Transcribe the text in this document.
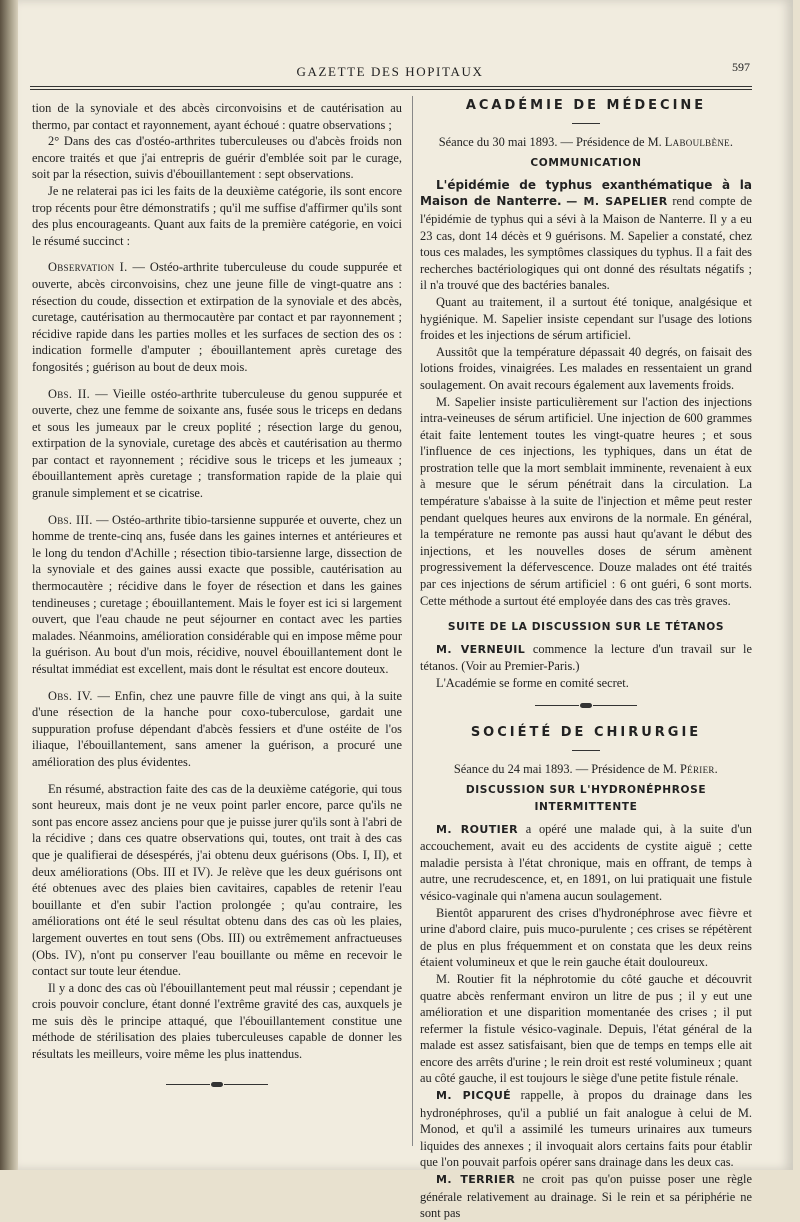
GAZETTE DES HOPITAUX	597

tion de la synoviale et des abcès circonvoisins et de cautérisation au thermo, par contact et rayonnement, ayant échoué : quatre observations ;

2° Dans des cas d'ostéo-arthrites tuberculeuses ou d'abcès froids non encore traités et que j'ai entrepris de guérir d'emblée soit par le curage, soit par la résection, suivis d'ébouillantement : sept observations.

Je ne relaterai pas ici les faits de la deuxième catégorie, ils sont encore trop récents pour être démonstratifs ; qu'il me suffise d'affirmer qu'ils sont des plus encourageants. Quant aux faits de la première catégorie, en voici le résumé succinct :

Observation I. — Ostéo-arthrite tuberculeuse du coude suppurée et ouverte, abcès circonvoisins, chez une jeune fille de vingt-quatre ans : résection du coude, dissection et extirpation de la synoviale et des abcès, curetage, cautérisation au thermocautère par contact et par rayonnement ; récidive rapide dans les parties molles et les surfaces de section des os : indication formelle d'amputer ; ébouillantement après curetage des fongosités ; guérison au bout de deux mois.

Obs. II. — Vieille ostéo-arthrite tuberculeuse du genou suppurée et ouverte, chez une femme de soixante ans, fusée sous le triceps en dedans et sous les jumeaux par le creux poplité ; résection large du genou, extirpation de la synoviale, curetage des abcès et cautérisation au thermo par contact et rayonnement ; récidive sous le triceps et les jumeaux ; ébouillantement après curetage ; transformation rapide de la plaie qui granule simplement et se cicatrise.

Obs. III. — Ostéo-arthrite tibio-tarsienne suppurée et ouverte, chez un homme de trente-cinq ans, fusée dans les gaines internes et antérieures et le long du tendon d'Achille ; résection tibio-tarsienne large, dissection de la synoviale et des gaines aussi exacte que possible, cautérisation au thermocautère ; récidive dans le foyer de résection et dans les gaines tendineuses ; curetage ; ébouillantement. Mais le foyer est ici si largement ouvert, que l'eau chaude ne peut séjourner en contact avec les parties malades. Néanmoins, amélioration considérable qui en impose même pour la guérison. Au bout d'un mois, récidive, nouvel ébouillantement dont le résultat immédiat est excellent, mais dont le résultat est encore douteux.

Obs. IV. — Enfin, chez une pauvre fille de vingt ans qui, à la suite d'une résection de la hanche pour coxo-tuberculose, gardait une suppuration profuse dépendant d'abcès fessiers et d'une ostéite de l'os iliaque, l'ébouillantement, sans amener la guérison, a procuré une amélioration des plus évidentes.

En résumé, abstraction faite des cas de la deuxième catégorie, qui tous sont heureux, mais dont je ne veux point parler encore, parce qu'ils ne sont pas encore assez anciens pour que je puisse jurer qu'ils sont à l'abri de la récidive ; dans ces quatre observations qui, toutes, ont trait à des cas que je qualifierai de désespérés, j'ai obtenu deux guérisons (Obs. I, II), et deux améliorations (Obs. III et IV). Je relève que les deux guérisons ont été obtenues avec des plaies bien cavitaires, capables de retenir l'eau bouillante et d'en subir l'action prolongée ; qu'au contraire, les améliorations ont été le seul résultat obtenu dans des cas où les plaies, largement ouvertes en tout sens (Obs. III) ou extrêmement anfractueuses (Obs. IV), n'ont pu conserver l'eau bouillante ou même en recevoir le contact sur toute leur étendue.

Il y a donc des cas où l'ébouillantement peut mal réussir ; cependant je crois pouvoir conclure, étant donné l'extrême gravité des cas, auxquels je me suis dès le principe attaqué, que l'ébouillantement constitue une méthode de stérilisation des plaies tuberculeuses capable de donner les résultats les meilleurs, voire même les plus inattendus.

ACADÉMIE DE MÉDECINE

Séance du 30 mai 1893. — Présidence de M. Laboulbène.

COMMUNICATION

L'épidémie de typhus exanthématique à la Maison de Nanterre. — M. SAPELIER rend compte de l'épidémie de typhus qui a sévi à la Maison de Nanterre. Il y a eu 23 cas, dont 14 décès et 9 guérisons. M. Sapelier a constaté, chez tous ces malades, les symptômes classiques du typhus. Il a fait des recherches bactériologiques qui ont donné des résultats négatifs ; il n'a trouvé que des bactéries banales.

Quant au traitement, il a surtout été tonique, analgésique et hygiénique. M. Sapelier insiste cependant sur l'usage des lotions froides et les injections de sérum artificiel.

Aussitôt que la température dépassait 40 degrés, on faisait des lotions froides, vinaigrées. Les malades en ressentaient un grand soulagement. On avait recours également aux lavements froids.

M. Sapelier insiste particulièrement sur l'action des injections intra-veineuses de sérum artificiel. Une injection de 600 grammes était faite lentement toutes les vingt-quatre heures ; et sous l'influence de ces injections, les typhiques, dans un état de prostration telle que la mort semblait imminente, revenaient à eux à mesure que le sérum pénétrait dans la circulation. La température s'abaisse à la suite de l'injection et même peut rester pendant quelques heures aux environs de la normale. En général, la température ne remonte pas aussi haut qu'avant le début des injections, et les nouvelles doses de sérum amènent progressivement la défervescence. Douze malades ont été traités par ces injections de sérum artificiel : 6 ont guéri, 6 sont morts. Cette méthode a surtout été employée dans des cas très graves.

SUITE DE LA DISCUSSION SUR LE TÉTANOS

M. VERNEUIL commence la lecture d'un travail sur le tétanos. (Voir au Premier-Paris.)

L'Académie se forme en comité secret.

SOCIÉTÉ DE CHIRURGIE

Séance du 24 mai 1893. — Présidence de M. Périer.

DISCUSSION SUR L'HYDRONÉPHROSE INTERMITTENTE

M. ROUTIER a opéré une malade qui, à la suite d'un accouchement, avait eu des accidents de cystite aiguë ; cette maladie persista à l'état chronique, mais en offrant, de temps à autre, une recrudescence, et, en 1891, on lui pratiquait une fistule vésico-vaginale qui n'amena aucun soulagement.

Bientôt apparurent des crises d'hydronéphrose avec fièvre et urine d'abord claire, puis muco-purulente ; ces crises se répétèrent de plus en plus fréquemment et on constata que les deux reins étaient volumineux et que le rein gauche était douloureux.

M. Routier fit la néphrotomie du côté gauche et découvrit quatre abcès renfermant environ un litre de pus ; il y eut une amélioration et une disparition momentanée des crises ; il put refermer la fistule vésico-vaginale. Depuis, l'état général de la malade est assez satisfaisant, bien que de temps en temps elle ait encore des arrêts d'urine ; le rein droit est resté volumineux ; quant au côté gauche, il est toujours le siège d'une petite fistule rénale.

M. PICQUÉ rappelle, à propos du drainage dans les hydronéphroses, qu'il a publié un fait analogue à celui de M. Monod, et qu'il a assimilé les tumeurs urinaires aux tumeurs liquides des annexes ; il invoquait alors certains faits pour établir que l'on pouvait parfois opérer sans drainage dans les deux cas.

M. TERRIER ne croit pas qu'on puisse poser une règle générale relativement au drainage. Si le rein et sa périphérie ne sont pas
